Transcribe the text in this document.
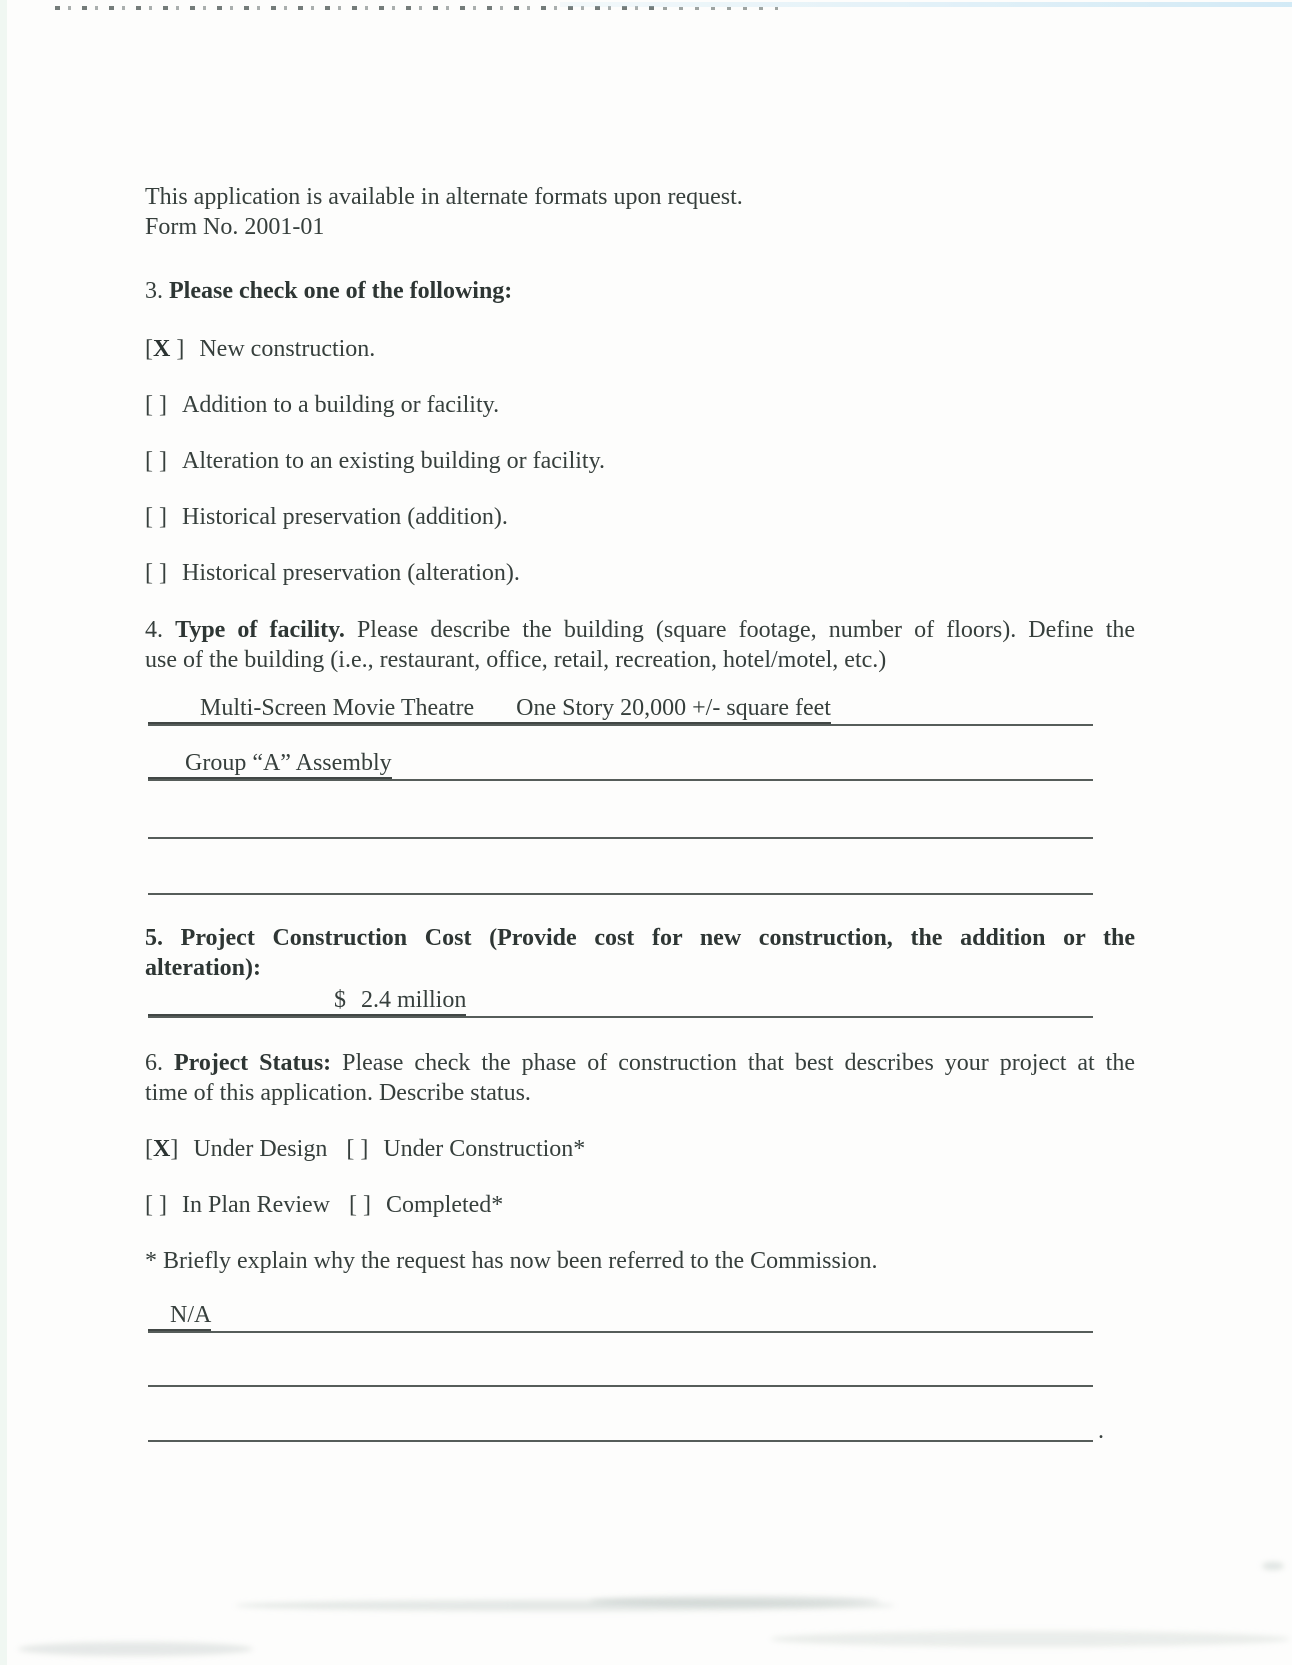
This application is available in alternate formats upon request.
Form No. 2001-01
3. Please check one of the following:
[X ] New construction.
[ ] Addition to a building or facility.
[ ] Alteration to an existing building or facility.
[ ] Historical preservation (addition).
[ ] Historical preservation (alteration).
4. Type of facility. Please describe the building (square footage, number of floors). Define the
use of the building (i.e., restaurant, office, retail, recreation, hotel/motel, etc.)
Multi-Screen Movie Theatre One Story 20,000 +/- square feet
Group “A” Assembly
5. Project Construction Cost (Provide cost for new construction, the addition or the
alteration):
$ 2.4 million
6. Project Status: Please check the phase of construction that best describes your project at the
time of this application. Describe status.
[X] Under Design [ ] Under Construction*
[ ] In Plan Review [ ] Completed*
* Briefly explain why the request has now been referred to the Commission.
N/A
.
